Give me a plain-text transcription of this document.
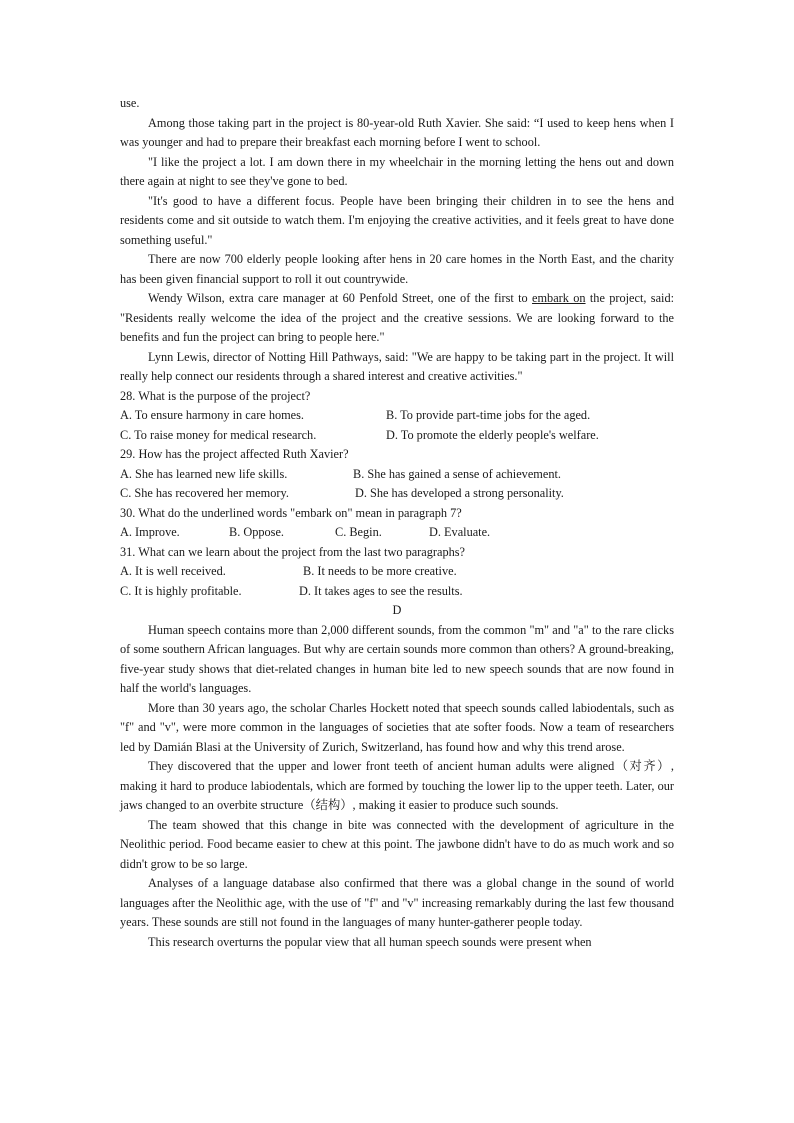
use.

Among those taking part in the project is 80-year-old Ruth Xavier. She said: “I used to keep hens when I was younger and had to prepare their breakfast each morning before I went to school.

"I like the project a lot. I am down there in my wheelchair in the morning letting the hens out and down there again at night to see they've gone to bed.

"It's good to have a different focus. People have been bringing their children in to see the hens and residents come and sit outside to watch them. I'm enjoying the creative activities, and it feels great to have done something useful."

There are now 700 elderly people looking after hens in 20 care homes in the North East, and the charity has been given financial support to roll it out countrywide.

Wendy Wilson, extra care manager at 60 Penfold Street, one of the first to embark on the project, said: "Residents really welcome the idea of the project and the creative sessions. We are looking forward to the benefits and fun the project can bring to people here."

Lynn Lewis, director of Notting Hill Pathways, said: "We are happy to be taking part in the project. It will really help connect our residents through a shared interest and creative activities."

28. What is the purpose of the project?

A. To ensure harmony in care homes.	B. To provide part-time jobs for the aged.
C. To raise money for medical research.	D. To promote the elderly people's welfare.

29. How has the project affected Ruth Xavier?

A. She has learned new life skills.	B. She has gained a sense of achievement.
C. She has recovered her memory.	D. She has developed a strong personality.

30. What do the underlined words "embark on" mean in paragraph 7?

A. Improve.	B. Oppose.	C. Begin.	D. Evaluate.

31. What can we learn about the project from the last two paragraphs?

A. It is well received.	B. It needs to be more creative.
C. It is highly profitable.	D. It takes ages to see the results.

D

Human speech contains more than 2,000 different sounds, from the common "m" and "a" to the rare clicks of some southern African languages. But why are certain sounds more common than others? A ground-breaking, five-year study shows that diet-related changes in human bite led to new speech sounds that are now found in half the world's languages.

More than 30 years ago, the scholar Charles Hockett noted that speech sounds called labiodentals, such as "f" and "v", were more common in the languages of societies that ate softer foods. Now a team of researchers led by Damián Blasi at the University of Zurich, Switzerland, has found how and why this trend arose.

They discovered that the upper and lower front teeth of ancient human adults were aligned（对齐）, making it hard to produce labiodentals, which are formed by touching the lower lip to the upper teeth. Later, our jaws changed to an overbite structure（结构）, making it easier to produce such sounds.

The team showed that this change in bite was connected with the development of agriculture in the Neolithic period. Food became easier to chew at this point. The jawbone didn't have to do as much work and so didn't grow to be so large.

Analyses of a language database also confirmed that there was a global change in the sound of world languages after the Neolithic age, with the use of "f" and "v" increasing remarkably during the last few thousand years. These sounds are still not found in the languages of many hunter-gatherer people today.

This research overturns the popular view that all human speech sounds were present when
